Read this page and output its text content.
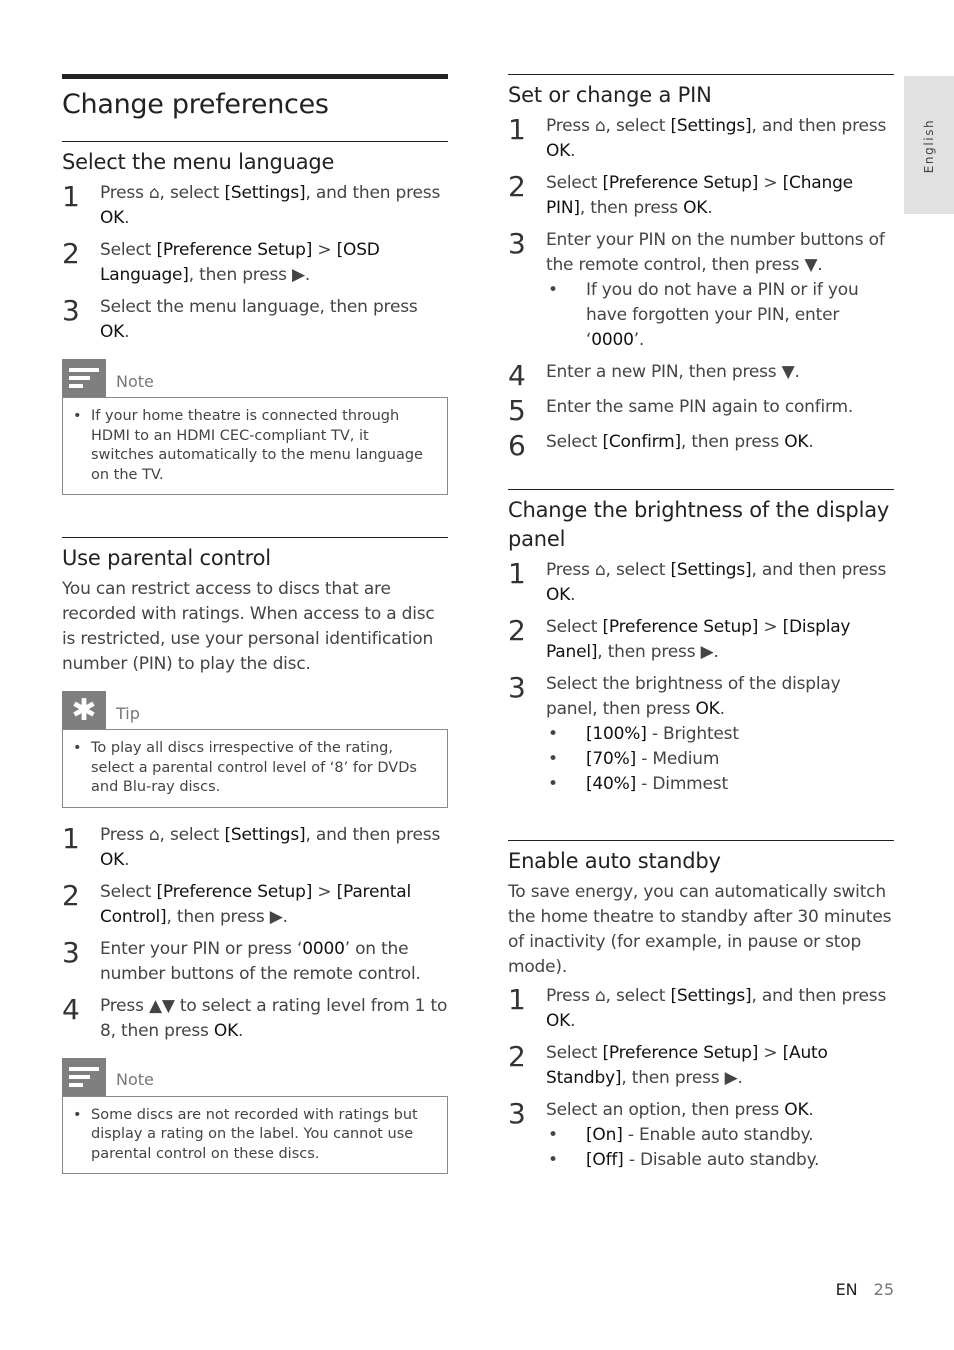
English
Change preferences
Select the menu language
1	Press ⌂, select [Settings], and then press OK.
2	Select [Preference Setup] > [OSD Language], then press ▶.
3	Select the menu language, then press OK.
Note
•
If your home theatre is connected through HDMI to an HDMI CEC-compliant TV, it switches automatically to the menu language on the TV.
Use parental control

You can restrict access to discs that are recorded with ratings. When access to a disc is restricted, use your personal identification number (PIN) to play the disc.

✱	Tip
•
To play all discs irrespective of the rating, select a parental control level of ‘8’ for DVDs and Blu-ray discs.
1	Press ⌂, select [Settings], and then press OK.
2	Select [Preference Setup] > [Parental Control], then press ▶.
3	Enter your PIN or press ‘0000’ on the number buttons of the remote control.
4	Press ▲▼ to select a rating level from 1 to 8, then press OK.
Note
•
Some discs are not recorded with ratings but display a rating on the label. You cannot use parental control on these discs.
Set or change a PIN
1	Press ⌂, select [Settings], and then press OK.
2	Select [Preference Setup] > [Change PIN], then press OK.
3	Enter your PIN on the number buttons of the remote control, then press ▼.
•
If you do not have a PIN or if you have forgotten your PIN, enter ‘0000’.
4	Enter a new PIN, then press ▼.
5	Enter the same PIN again to confirm.
6	Select [Confirm], then press OK.
Change the brightness of the display panel
1	Press ⌂, select [Settings], and then press OK.
2	Select [Preference Setup] > [Display Panel], then press ▶.
3	Select the brightness of the display panel, then press OK.
•
[100%] - Brightest
•
[70%] - Medium
•
[40%] - Dimmest
Enable auto standby

To save energy, you can automatically switch the home theatre to standby after 30 minutes of inactivity (for example, in pause or stop mode).

1	Press ⌂, select [Settings], and then press OK.
2	Select [Preference Setup] > [Auto Standby], then press ▶.
3	Select an option, then press OK.
•
[On] - Enable auto standby.
•
[Off] - Disable auto standby.
EN 25
